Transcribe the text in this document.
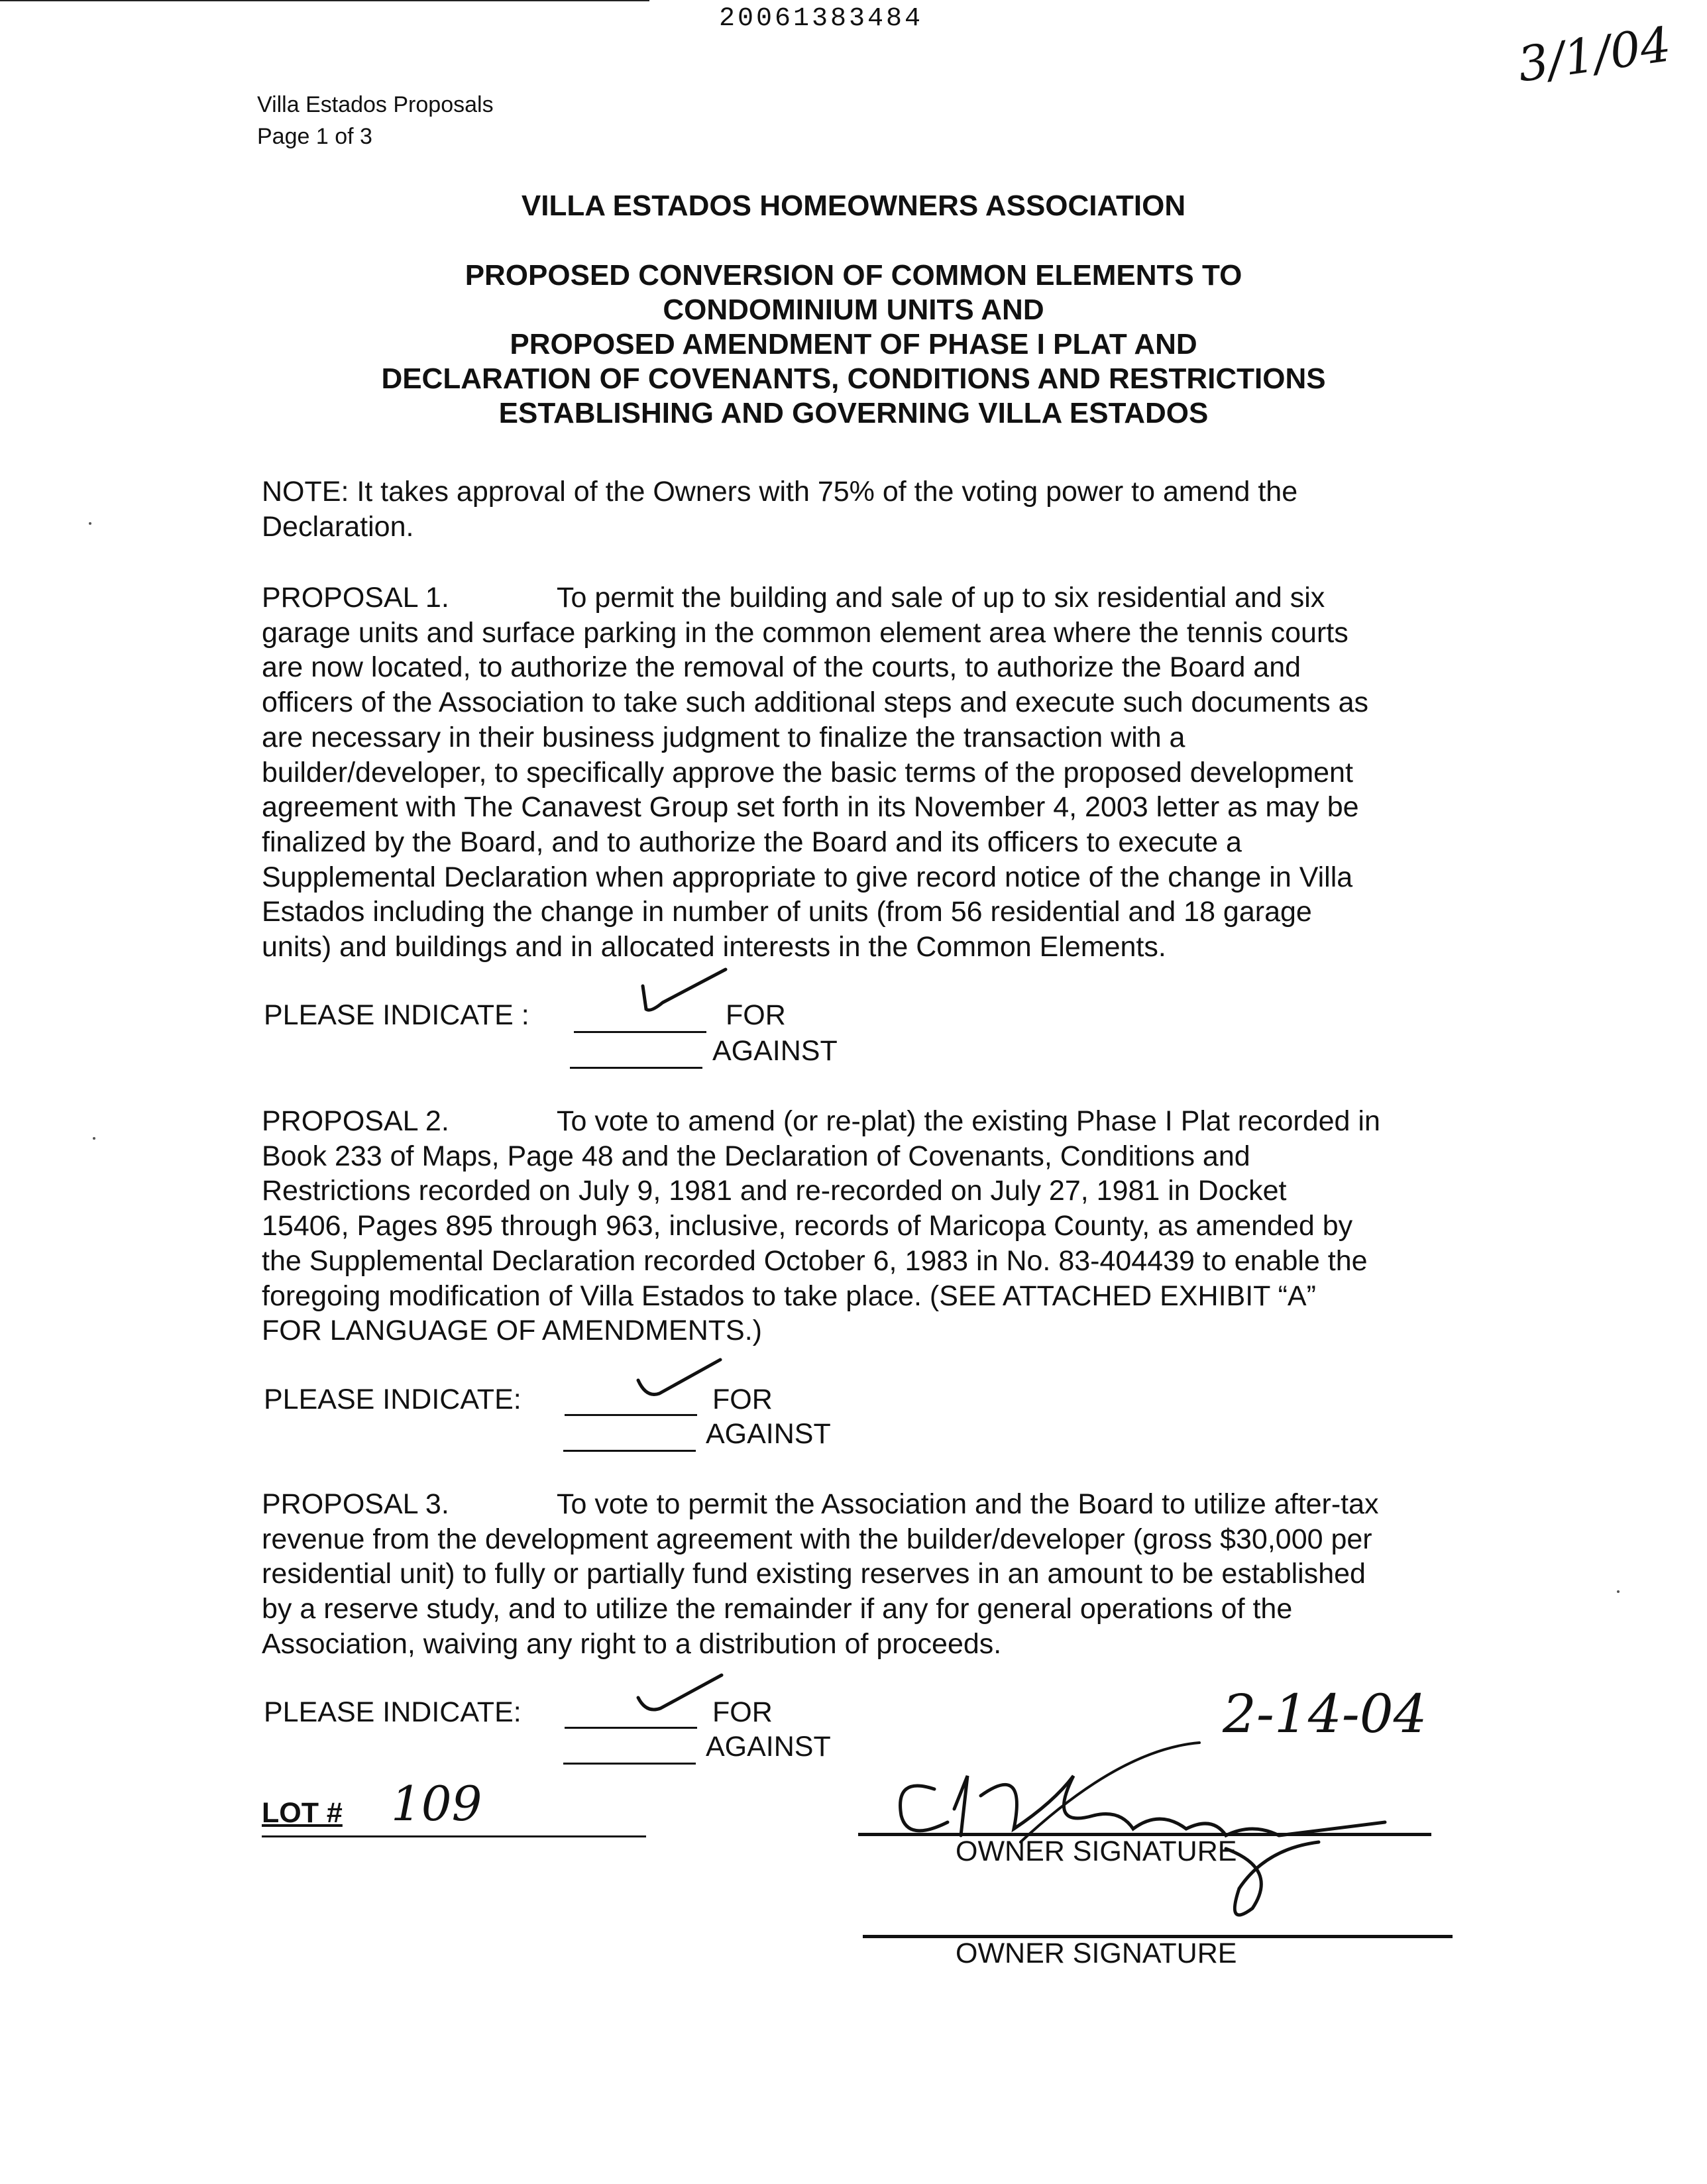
20061383484	3/1/04
Villa Estados Proposals
Page 1 of 3
VILLA ESTADOS HOMEOWNERS ASSOCIATION
PROPOSED CONVERSION OF COMMON ELEMENTS TO
CONDOMINIUM UNITS AND
PROPOSED AMENDMENT OF PHASE I PLAT AND
DECLARATION OF COVENANTS, CONDITIONS AND RESTRICTIONS
ESTABLISHING AND GOVERNING VILLA ESTADOS
NOTE: It takes approval of the Owners with 75% of the voting power to amend the
Declaration.
PROPOSAL 1.	To permit the building and sale of up to six residential and six
garage units and surface parking in the common element area where the tennis courts
are now located, to authorize the removal of the courts, to authorize the Board and
officers of the Association to take such additional steps and execute such documents as
are necessary in their business judgment to finalize the transaction with a
builder/developer, to specifically approve the basic terms of the proposed development
agreement with The Canavest Group set forth in its November 4, 2003 letter as may be
finalized by the Board, and to authorize the Board and its officers to execute a
Supplemental Declaration when appropriate to give record notice of the change in Villa
Estados including the change in number of units (from 56 residential and 18 garage
units) and buildings and in allocated interests in the Common Elements.
PLEASE INDICATE :	FOR
AGAINST
PROPOSAL 2.	To vote to amend (or re-plat) the existing Phase I Plat recorded in
Book 233 of Maps, Page 48 and the Declaration of Covenants, Conditions and
Restrictions recorded on July 9, 1981 and re-recorded on July 27, 1981 in Docket
15406, Pages 895 through 963, inclusive, records of Maricopa County, as amended by
the Supplemental Declaration recorded October 6, 1983 in No. 83-404439 to enable the
foregoing modification of Villa Estados to take place. (SEE ATTACHED EXHIBIT “A”
FOR LANGUAGE OF AMENDMENTS.)
PLEASE INDICATE:	FOR
AGAINST
PROPOSAL 3.	To vote to permit the Association and the Board to utilize after-tax
revenue from the development agreement with the builder/developer (gross $30,000 per
residential unit) to fully or partially fund existing reserves in an amount to be established
by a reserve study, and to utilize the remainder if any for general operations of the
Association, waiving any right to a distribution of proceeds.
PLEASE INDICATE:	FOR
AGAINST
LOT # 109
2-14-04
OWNER SIGNATURE
OWNER SIGNATURE
